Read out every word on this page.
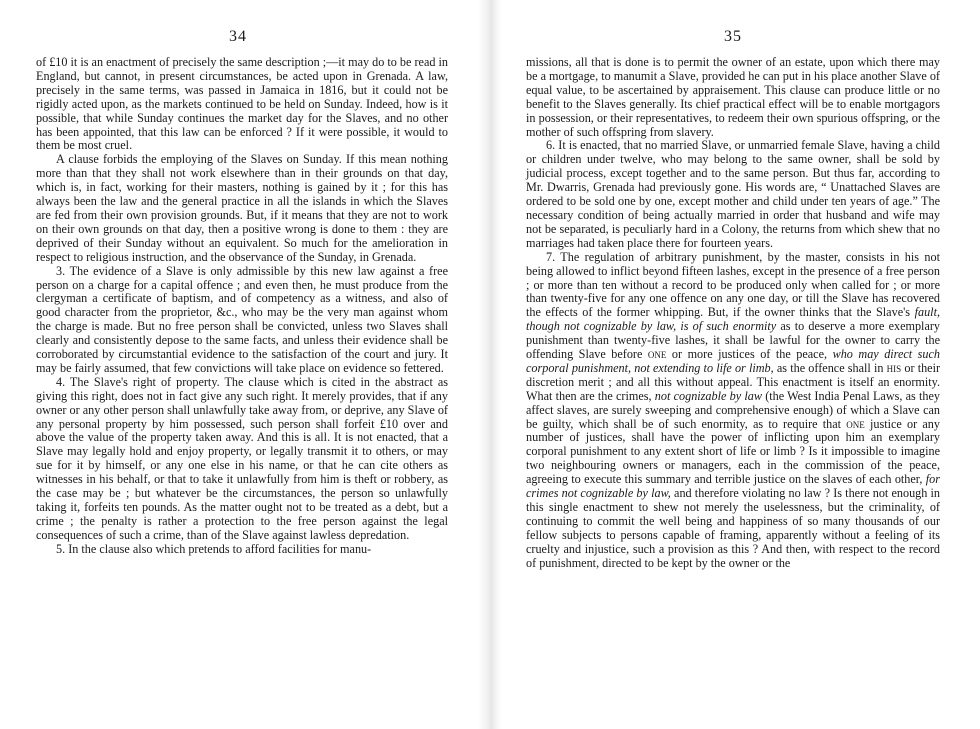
34

of £10 it is an enactment of precisely the same description ;—it may do to be read in England, but cannot, in present circumstances, be acted upon in Grenada. A law, precisely in the same terms, was passed in Jamaica in 1816, but it could not be rigidly acted upon, as the markets continued to be held on Sunday. Indeed, how is it possible, that while Sunday continues the market day for the Slaves, and no other has been appointed, that this law can be enforced ? If it were possible, it would to them be most cruel.

A clause forbids the employing of the Slaves on Sunday. If this mean nothing more than that they shall not work elsewhere than in their grounds on that day, which is, in fact, working for their masters, nothing is gained by it ; for this has always been the law and the general practice in all the islands in which the Slaves are fed from their own provision grounds. But, if it means that they are not to work on their own grounds on that day, then a positive wrong is done to them : they are deprived of their Sunday without an equivalent. So much for the amelioration in respect to religious instruction, and the observance of the Sunday, in Grenada.

3. The evidence of a Slave is only admissible by this new law against a free person on a charge for a capital offence ; and even then, he must produce from the clergyman a certificate of baptism, and of competency as a witness, and also of good character from the proprietor, &c., who may be the very man against whom the charge is made. But no free person shall be convicted, unless two Slaves shall clearly and consistently depose to the same facts, and unless their evidence shall be corroborated by circumstantial evidence to the satisfaction of the court and jury. It may be fairly assumed, that few convictions will take place on evidence so fettered.

4. The Slave's right of property. The clause which is cited in the abstract as giving this right, does not in fact give any such right. It merely provides, that if any owner or any other person shall unlawfully take away from, or deprive, any Slave of any personal property by him possessed, such person shall forfeit £10 over and above the value of the property taken away. And this is all. It is not enacted, that a Slave may legally hold and enjoy property, or legally transmit it to others, or may sue for it by himself, or any one else in his name, or that he can cite others as witnesses in his behalf, or that to take it unlawfully from him is theft or robbery, as the case may be ; but whatever be the circumstances, the person so unlawfully taking it, forfeits ten pounds. As the matter ought not to be treated as a debt, but a crime ; the penalty is rather a protection to the free person against the legal consequences of such a crime, than of the Slave against lawless depredation.

5. In the clause also which pretends to afford facilities for manu-

35

missions, all that is done is to permit the owner of an estate, upon which there may be a mortgage, to manumit a Slave, provided he can put in his place another Slave of equal value, to be ascertained by appraisement. This clause can produce little or no benefit to the Slaves generally. Its chief practical effect will be to enable mortgagors in possession, or their representatives, to redeem their own spurious offspring, or the mother of such offspring from slavery.

6. It is enacted, that no married Slave, or unmarried female Slave, having a child or children under twelve, who may belong to the same owner, shall be sold by judicial process, except together and to the same person. But thus far, according to Mr. Dwarris, Grenada had previously gone. His words are, “ Unattached Slaves are ordered to be sold one by one, except mother and child under ten years of age.” The necessary condition of being actually married in order that husband and wife may not be separated, is peculiarly hard in a Colony, the returns from which shew that no marriages had taken place there for fourteen years.

7. The regulation of arbitrary punishment, by the master, consists in his not being allowed to inflict beyond fifteen lashes, except in the presence of a free person ; or more than ten without a record to be produced only when called for ; or more than twenty-five for any one offence on any one day, or till the Slave has recovered the effects of the former whipping. But, if the owner thinks that the Slave's fault, though not cognizable by law, is of such enormity as to deserve a more exemplary punishment than twenty-five lashes, it shall be lawful for the owner to carry the offending Slave before one or more justices of the peace, who may direct such corporal punishment, not extending to life or limb, as the offence shall in his or their discretion merit ; and all this without appeal. This enactment is itself an enormity. What then are the crimes, not cognizable by law (the West India Penal Laws, as they affect slaves, are surely sweeping and comprehensive enough) of which a Slave can be guilty, which shall be of such enormity, as to require that one justice or any number of justices, shall have the power of inflicting upon him an exemplary corporal punishment to any extent short of life or limb ? Is it impossible to imagine two neighbouring owners or managers, each in the commission of the peace, agreeing to execute this summary and terrible justice on the slaves of each other, for crimes not cognizable by law, and therefore violating no law ? Is there not enough in this single enactment to shew not merely the uselessness, but the criminality, of continuing to commit the well being and happiness of so many thousands of our fellow subjects to persons capable of framing, apparently without a feeling of its cruelty and injustice, such a provision as this ? And then, with respect to the record of punishment, directed to be kept by the owner or the
